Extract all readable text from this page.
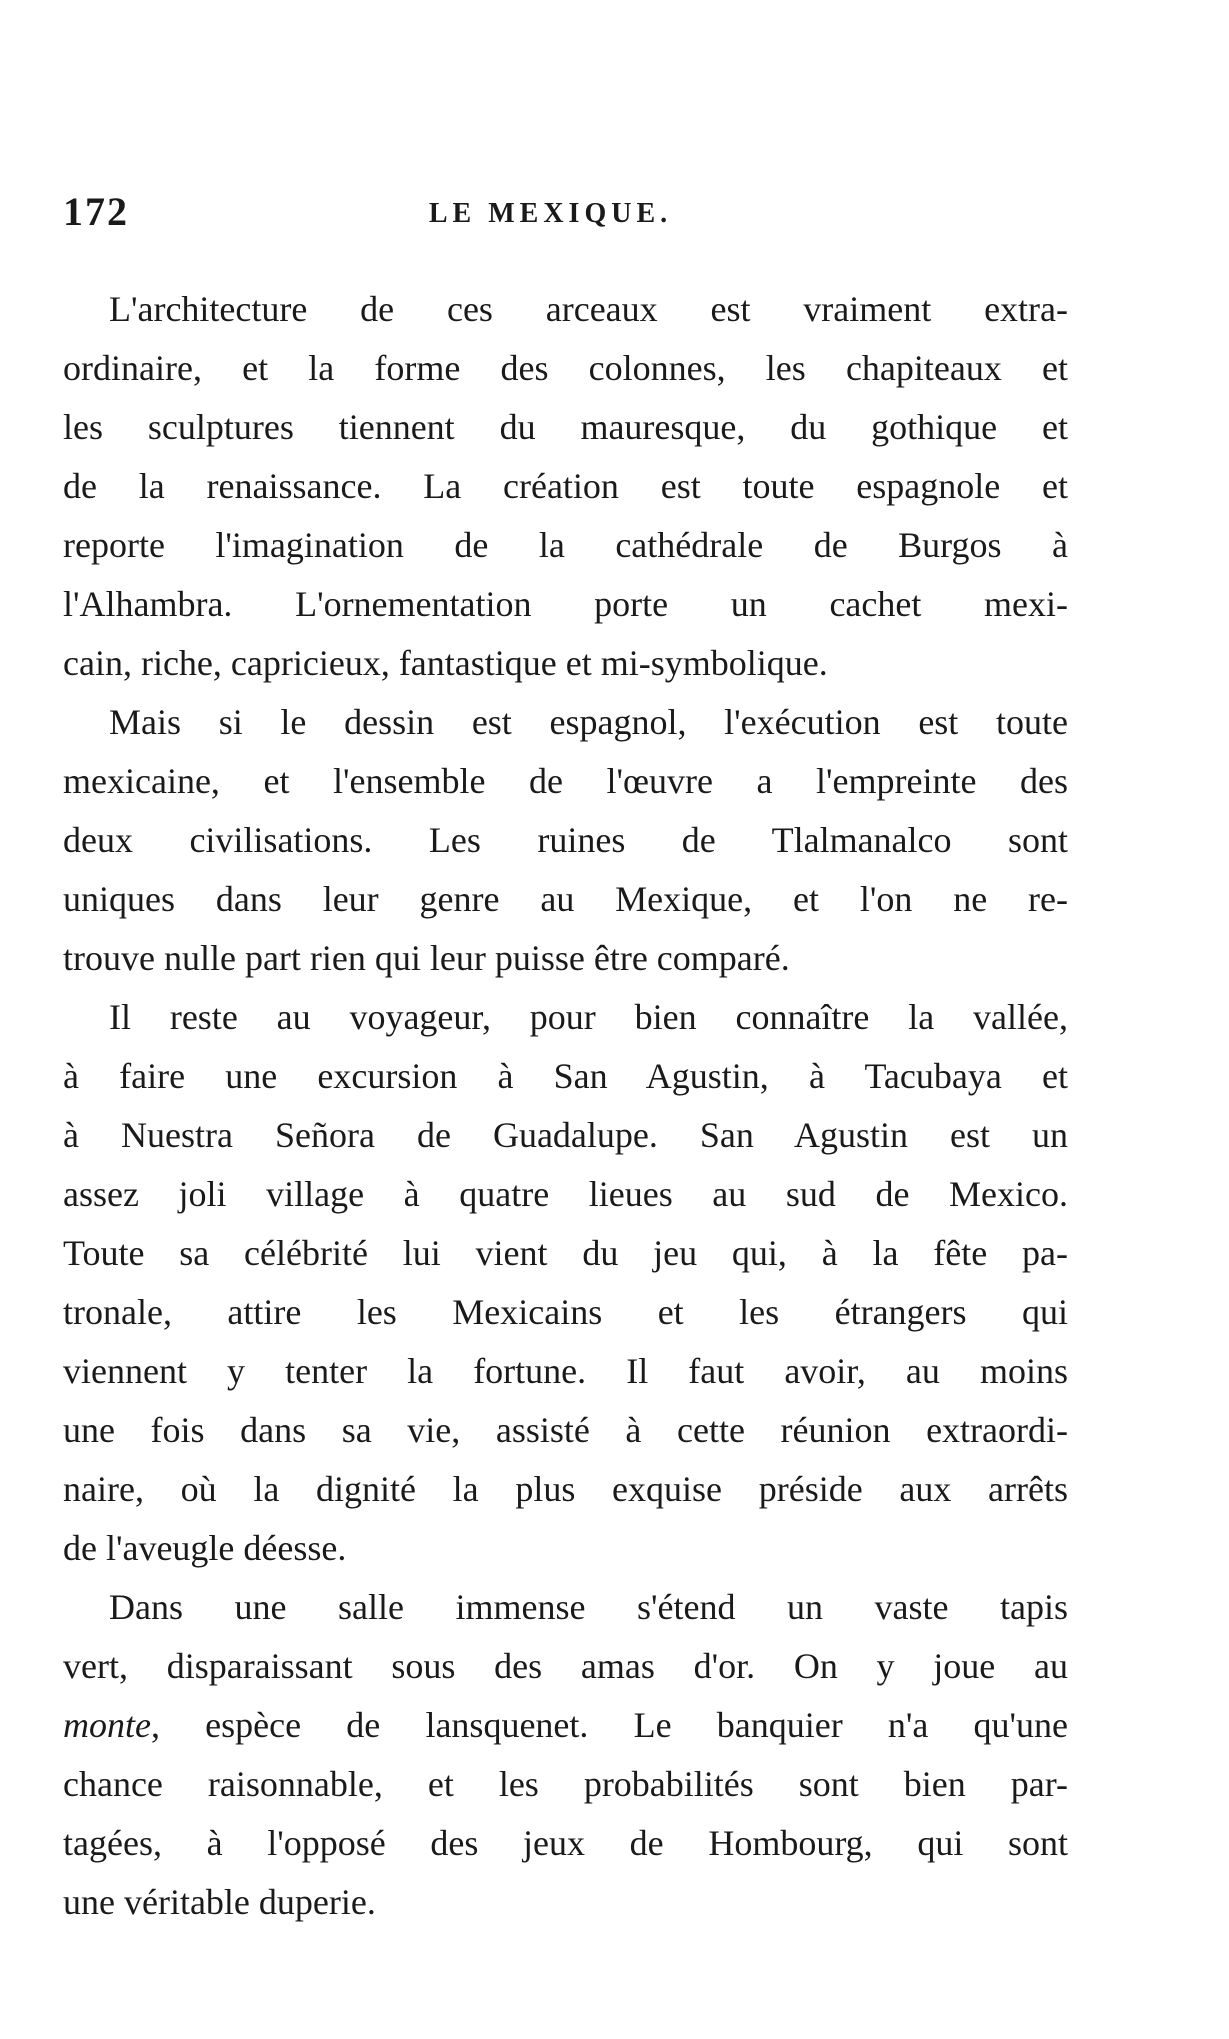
172	LE MEXIQUE.
L'architecture de ces arceaux est vraiment extra-
ordinaire, et la forme des colonnes, les chapiteaux et
les sculptures tiennent du mauresque, du gothique et
de la renaissance. La création est toute espagnole et
reporte l'imagination de la cathédrale de Burgos à
l'Alhambra. L'ornementation porte un cachet mexi-
cain, riche, capricieux, fantastique et mi-symbolique.
Mais si le dessin est espagnol, l'exécution est toute
mexicaine, et l'ensemble de l'œuvre a l'empreinte des
deux civilisations. Les ruines de Tlalmanalco sont
uniques dans leur genre au Mexique, et l'on ne re-
trouve nulle part rien qui leur puisse être comparé.
Il reste au voyageur, pour bien connaître la vallée,
à faire une excursion à San Agustin, à Tacubaya et
à Nuestra Señora de Guadalupe. San Agustin est un
assez joli village à quatre lieues au sud de Mexico.
Toute sa célébrité lui vient du jeu qui, à la fête pa-
tronale, attire les Mexicains et les étrangers qui
viennent y tenter la fortune. Il faut avoir, au moins
une fois dans sa vie, assisté à cette réunion extraordi-
naire, où la dignité la plus exquise préside aux arrêts
de l'aveugle déesse.
Dans une salle immense s'étend un vaste tapis
vert, disparaissant sous des amas d'or. On y joue au
monte, espèce de lansquenet. Le banquier n'a qu'une
chance raisonnable, et les probabilités sont bien par-
tagées, à l'opposé des jeux de Hombourg, qui sont
une véritable duperie.
